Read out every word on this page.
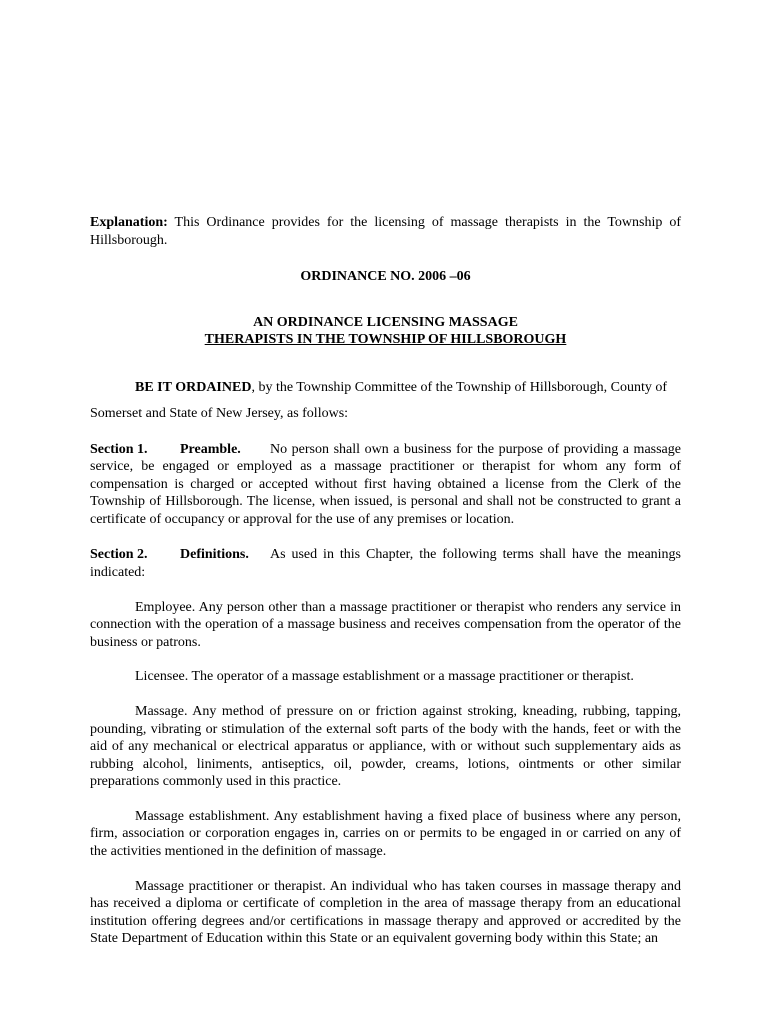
Explanation: This Ordinance provides for the licensing of massage therapists in the Township of Hillsborough.

ORDINANCE NO. 2006 –06

AN ORDINANCE LICENSING MASSAGE
THERAPISTS IN THE TOWNSHIP OF HILLSBOROUGH

BE IT ORDAINED, by the Township Committee of the Township of Hillsborough, County of

Somerset and State of New Jersey, as follows:

Section 1. Preamble. No person shall own a business for the purpose of providing a massage service, be engaged or employed as a massage practitioner or therapist for whom any form of compensation is charged or accepted without first having obtained a license from the Clerk of the Township of Hillsborough. The license, when issued, is personal and shall not be constructed to grant a certificate of occupancy or approval for the use of any premises or location.

Section 2. Definitions. As used in this Chapter, the following terms shall have the meanings indicated:

Employee. Any person other than a massage practitioner or therapist who renders any service in connection with the operation of a massage business and receives compensation from the operator of the business or patrons.

Licensee. The operator of a massage establishment or a massage practitioner or therapist.

Massage. Any method of pressure on or friction against stroking, kneading, rubbing, tapping, pounding, vibrating or stimulation of the external soft parts of the body with the hands, feet or with the aid of any mechanical or electrical apparatus or appliance, with or without such supplementary aids as rubbing alcohol, liniments, antiseptics, oil, powder, creams, lotions, ointments or other similar preparations commonly used in this practice.

Massage establishment. Any establishment having a fixed place of business where any person, firm, association or corporation engages in, carries on or permits to be engaged in or carried on any of the activities mentioned in the definition of massage.

Massage practitioner or therapist. An individual who has taken courses in massage therapy and has received a diploma or certificate of completion in the area of massage therapy from an educational institution offering degrees and/or certifications in massage therapy and approved or accredited by the State Department of Education within this State or an equivalent governing body within this State; an
